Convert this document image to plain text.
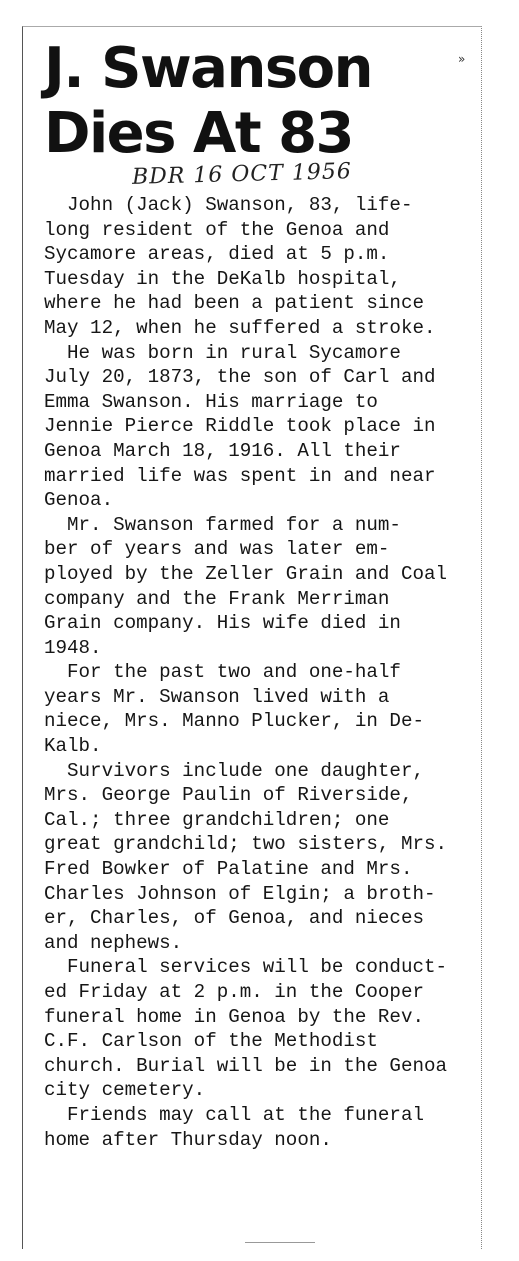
»
J. Swanson
Dies At 83
BDR 16 OCT 1956
John (Jack) Swanson, 83, life-
long resident of the Genoa and
Sycamore areas, died at 5 p.m.
Tuesday in the DeKalb hospital,
where he had been a patient since
May 12, when he suffered a stroke.
He was born in rural Sycamore
July 20, 1873, the son of Carl and
Emma Swanson. His marriage to
Jennie Pierce Riddle took place in
Genoa March 18, 1916. All their
married life was spent in and near
Genoa.
Mr. Swanson farmed for a num-
ber of years and was later em-
ployed by the Zeller Grain and Coal
company and the Frank Merriman
Grain company. His wife died in
1948.
For the past two and one-half
years Mr. Swanson lived with a
niece, Mrs. Manno Plucker, in De-
Kalb.
Survivors include one daughter,
Mrs. George Paulin of Riverside,
Cal.; three grandchildren; one
great grandchild; two sisters, Mrs.
Fred Bowker of Palatine and Mrs.
Charles Johnson of Elgin; a broth-
er, Charles, of Genoa, and nieces
and nephews.
Funeral services will be conduct-
ed Friday at 2 p.m. in the Cooper
funeral home in Genoa by the Rev.
C.F. Carlson of the Methodist
church. Burial will be in the Genoa
city cemetery.
Friends may call at the funeral
home after Thursday noon.
